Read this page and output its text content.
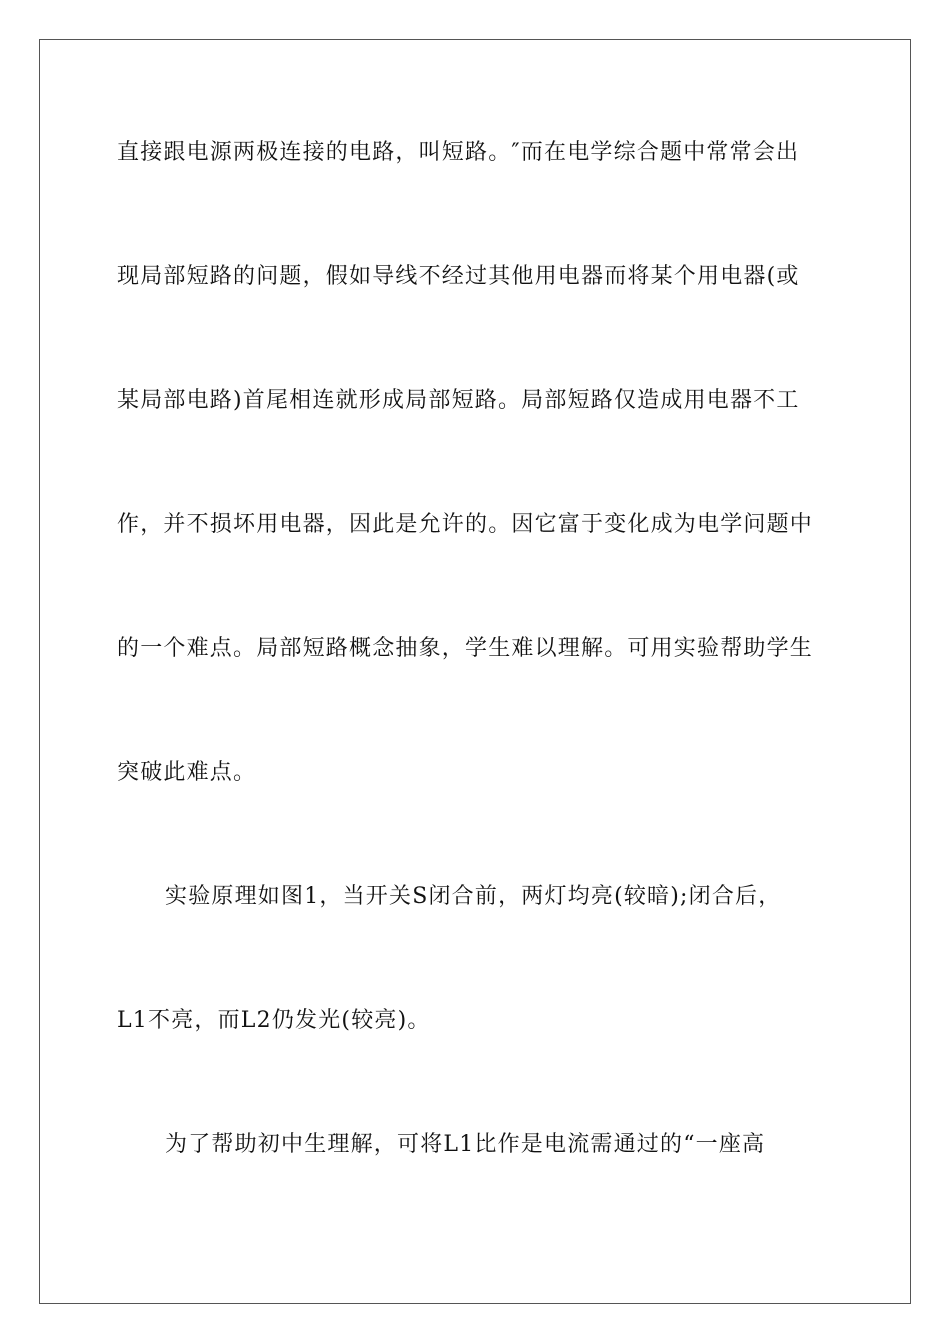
直接跟电源两极连接的电路，叫短路。″而在电学综合题中常常会出
现局部短路的问题，假如导线不经过其他用电器而将某个用电器(或
某局部电路)首尾相连就形成局部短路。局部短路仅造成用电器不工
作，并不损坏用电器，因此是允许的。因它富于变化成为电学问题中
的一个难点。局部短路概念抽象，学生难以理解。可用实验帮助学生
突破此难点。
实验原理如图1，当开关S闭合前，两灯均亮(较暗);闭合后，
L1不亮，而L2仍发光(较亮)。
为了帮助初中生理解，可将L1比作是电流需通过的“一座高
